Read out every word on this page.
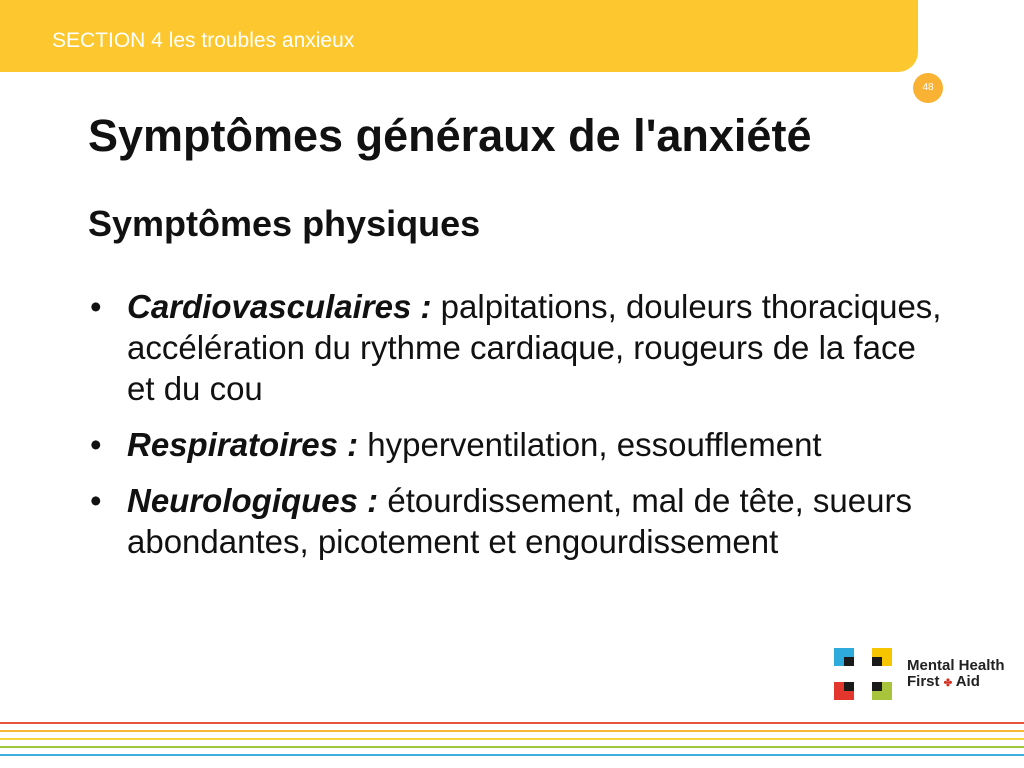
SECTION 4 les troubles anxieux
48
Symptômes généraux de l'anxiété
Symptômes physiques
• Cardiovasculaires : palpitations, douleurs thoraciques, accélération du rythme cardiaque, rougeurs de la face et du cou
• Respiratoires : hyperventilation, essoufflement
• Neurologiques : étourdissement, mal de tête, sueurs abondantes, picotement et engourdissement
Mental Health
First ✤ Aid
